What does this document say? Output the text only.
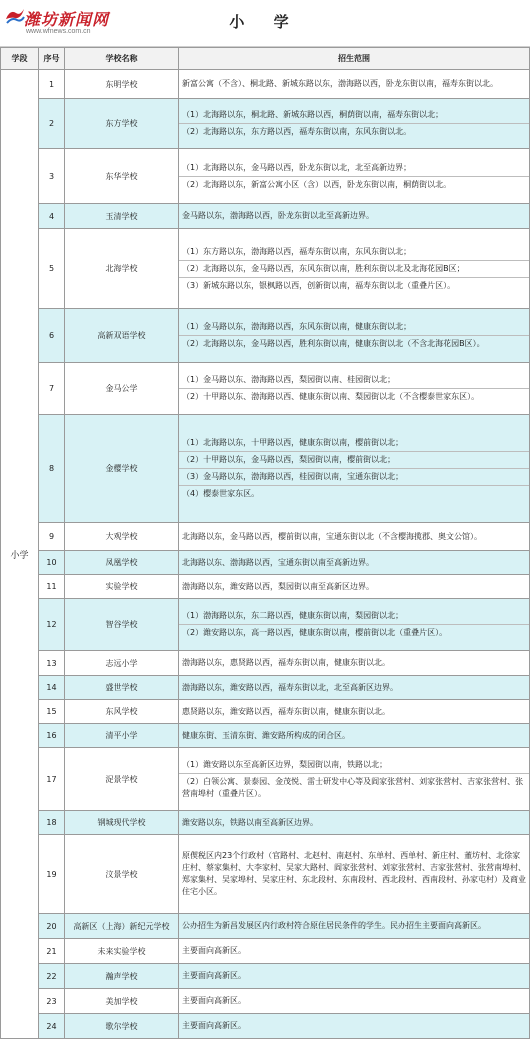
潍坊新闻网
www.wfnews.com.cn
小 学
学段	序号	学校名称	招生范围
小学	1	东明学校	新富公寓（不含）、桐北路、新城东路以东，渤海路以西，卧龙东街以南，福寿东街以北。

	2	东方学校	（1）北海路以东，桐北路、新城东路以西，桐荫街以南，福寿东街以北；
（2）北海路以东，东方路以西，福寿东街以南，东风东街以北。

	3	东华学校	（1）北海路以东，金马路以西，卧龙东街以北，北至高新边界；
（2）北海路以东，新富公寓小区（含）以西，卧龙东街以南，桐荫街以北。

	4	玉清学校	金马路以东，渤海路以西，卧龙东街以北至高新边界。

	5	北海学校	（1）东方路以东，渤海路以西，福寿东街以南，东风东街以北；
（2）北海路以东，金马路以西，东风东街以南，胜利东街以北及北海花园B区；
（3）新城东路以东，银枫路以西，创新街以南，福寿东街以北（重叠片区）。

	6	高新双语学校	（1）金马路以东，渤海路以西，东风东街以南，健康东街以北；
（2）北海路以东，金马路以西，胜利东街以南，健康东街以北（不含北海花园B区）。

	7	金马公学	（1）金马路以东、渤海路以西，梨园街以南、桂园街以北；
（2）十甲路以东、渤海路以西、健康东街以南、梨园街以北（不含樱泰世家东区）。

	8	金樱学校	（1）北海路以东，十甲路以西，健康东街以南，樱前街以北；
（2）十甲路以东，金马路以西，梨园街以南，樱前街以北；
（3）金马路以东，渤海路以西，桂园街以南，宝通东街以北；
（4）樱泰世家东区。

	9	大观学校	北海路以东，金马路以西，樱前街以南，宝通东街以北（不含樱海揽郡、奥文公馆）。

	10	凤凰学校	北海路以东、渤海路以西，宝通东街以南至高新边界。

	11	实验学校	渤海路以东，潍安路以西，梨园街以南至高新区边界。

	12	智谷学校	（1）渤海路以东，东二路以西，健康东街以南，梨园街以北；
（2）潍安路以东，高一路以西，健康东街以南，樱前街以北（重叠片区）。

	13	志远小学	渤海路以东，惠贤路以西，福寿东街以南，健康东街以北。

	14	盛世学校	渤海路以东，潍安路以西，福寿东街以北，北至高新区边界。

	15	东风学校	惠贤路以东，潍安路以西，福寿东街以南，健康东街以北。

	16	清平小学	健康东街、玉清东街、潍安路所构成的闭合区。

	17	浞景学校	（1）潍安路以东至高新区边界，梨园街以南，铁路以北；
（2）白领公寓、景泰园、金茂悦、雷士研发中心等及阎家张营村、刘家张营村、吉家张营村、张营南埠村（重叠片区）。

	18	钢城现代学校	潍安路以东，铁路以南至高新区边界。

	19	汶景学校	原偰税区内23个行政村（官路村、北赵村、南赵村、东单村、西单村、新庄村、董坊村、北徐家庄村、蔡家集村、大李家村、吴家大路村、阎家张营村、刘家张营村、吉家张营村、张营南埠村、郑家集村、吴家埠村、吴家庄村、东北段村、东南段村、西北段村、西南段村、孙家屯村）及商业住宅小区。

	20	高新区（上海）新纪元学校	公办招生为新昌发展区内行政村符合原住居民条件的学生。民办招生主要面向高新区。

	21	未来实验学校	主要面向高新区。

	22	瀚声学校	主要面向高新区。

	23	美加学校	主要面向高新区。

	24	歌尔学校	主要面向高新区。
